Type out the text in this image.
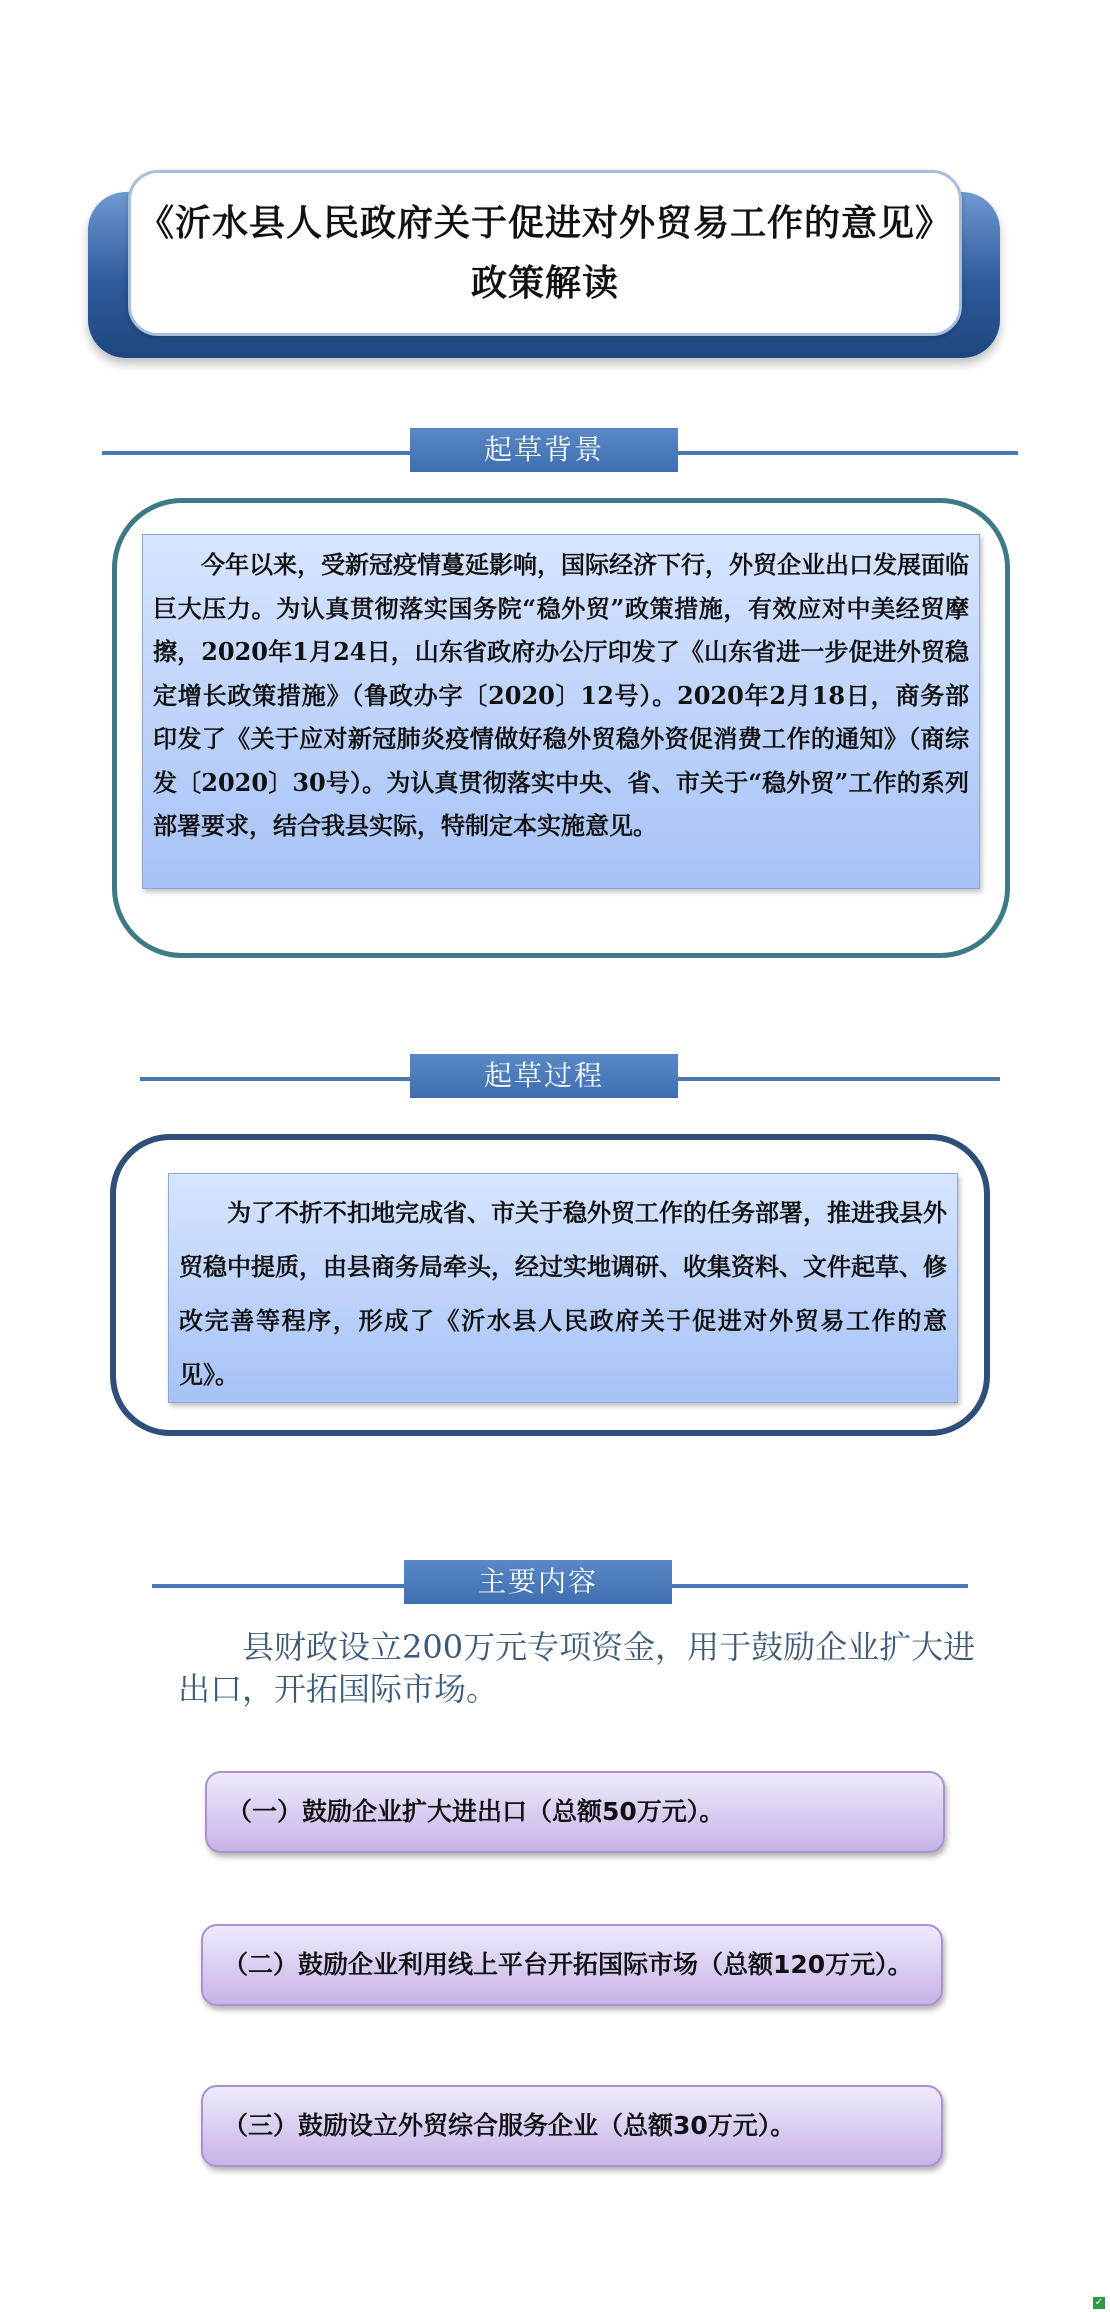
《沂水县人民政府关于促进对外贸易工作的意见》
政策解读
起草背景

今年以来，受新冠疫情蔓延影响，国际经济下行，外贸企业出口发展面临巨大压力。为认真贯彻落实国务院“稳外贸”政策措施，有效应对中美经贸摩擦，2020年1月24日，山东省政府办公厅印发了《山东省进一步促进外贸稳定增长政策措施》（鲁政办字〔2020〕12号）。2020年2月18日，商务部印发了《关于应对新冠肺炎疫情做好稳外贸稳外资促消费工作的通知》（商综发〔2020〕30号）。为认真贯彻落实中央、省、市关于“稳外贸”工作的系列部署要求，结合我县实际，特制定本实施意见。

起草过程

为了不折不扣地完成省、市关于稳外贸工作的任务部署，推进我县外贸稳中提质，由县商务局牵头，经过实地调研、收集资料、文件起草、修改完善等程序，形成了《沂水县人民政府关于促进对外贸易工作的意见》。

主要内容

县财政设立200万元专项资金，用于鼓励企业扩大进出口，开拓国际市场。

（一）鼓励企业扩大进出口（总额50万元）。
（二）鼓励企业利用线上平台开拓国际市场（总额120万元）。
（三）鼓励设立外贸综合服务企业（总额30万元）。
✓
